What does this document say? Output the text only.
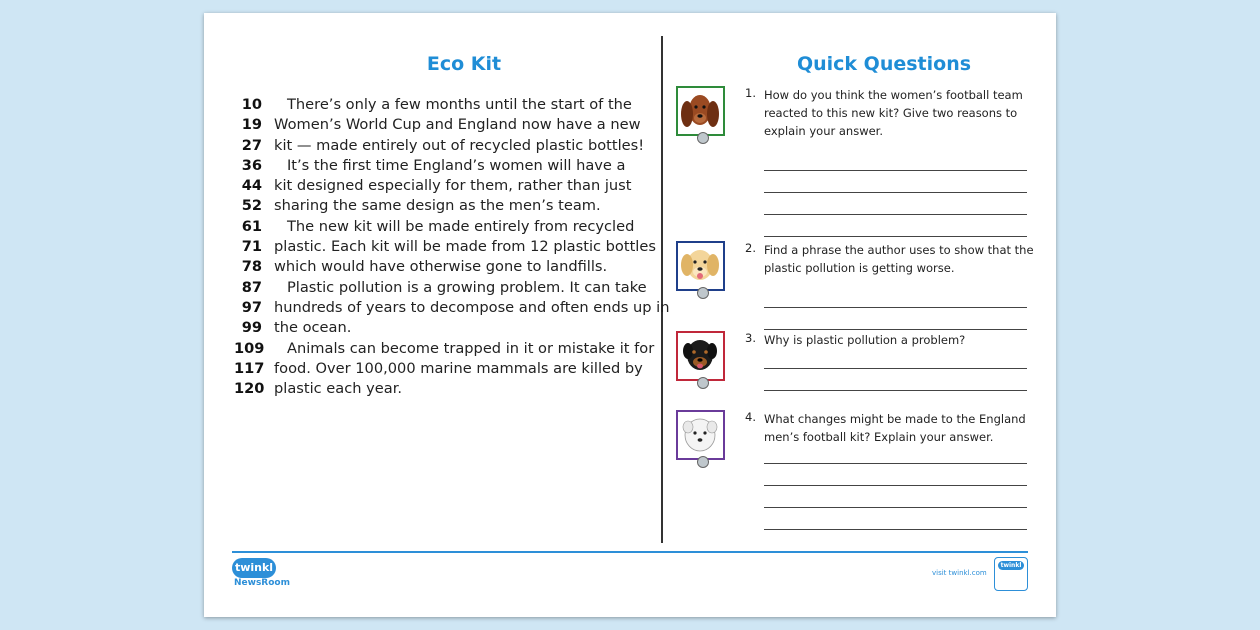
Eco Kit	Quick Questions
10 There’s only a few months until the start of the
19 Women’s World Cup and England now have a new
27 kit — made entirely out of recycled plastic bottles!
36 It’s the first time England’s women will have a
44 kit designed especially for them, rather than just
52 sharing the same design as the men’s team.
61 The new kit will be made entirely from recycled
71 plastic. Each kit will be made from 12 plastic bottles
78 which would have otherwise gone to landfills.
87 Plastic pollution is a growing problem. It can take
97 hundreds of years to decompose and often ends up in
99 the ocean.
109 Animals can become trapped in it or mistake it for
117 food. Over 100,000 marine mammals are killed by
120 plastic each year.
1. How do you think the women’s football team reacted to this new kit? Give two reasons to explain your answer.
2. Find a phrase the author uses to show that the plastic pollution is getting worse.
3. Why is plastic pollution a problem?
4. What changes might be made to the England men’s football kit? Explain your answer.
twinkl
NewsRoom
visit twinkl.com
twinkl
